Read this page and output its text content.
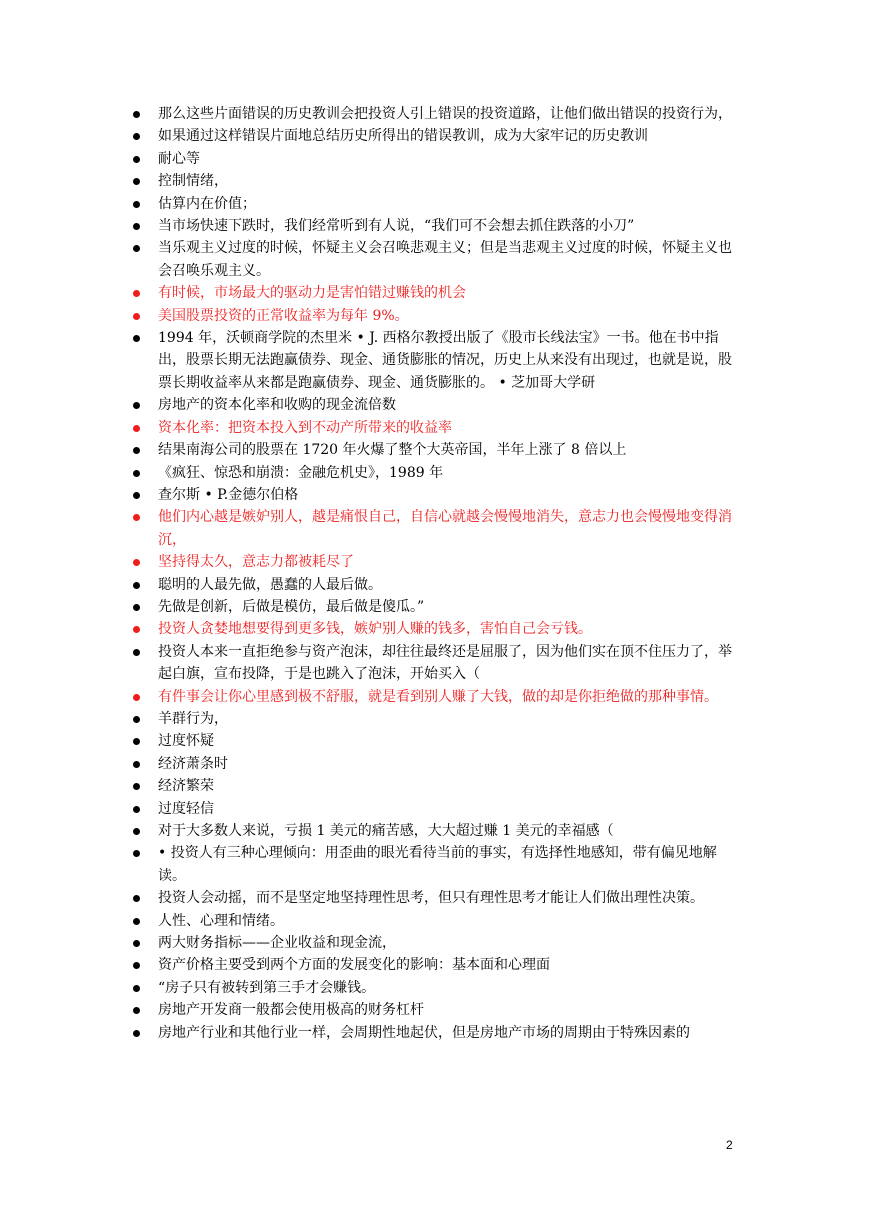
那么这些片面错误的历史教训会把投资人引上错误的投资道路，让他们做出错误的投资行为，
如果通过这样错误片面地总结历史所得出的错误教训，成为大家牢记的历史教训
耐心等
控制情绪，
估算内在价值；
当市场快速下跌时，我们经常听到有人说，“我们可不会想去抓住跌落的小刀”
当乐观主义过度的时候，怀疑主义会召唤悲观主义；但是当悲观主义过度的时候，怀疑主义也会召唤乐观主义。
有时候，市场最大的驱动力是害怕错过赚钱的机会
美国股票投资的正常收益率为每年 9%。
1994 年，沃顿商学院的杰里米 • J. 西格尔教授出版了《股市长线法宝》一书。他在书中指出，股票长期无法跑赢债券、现金、通货膨胀的情况，历史上从来没有出现过，也就是说，股票长期收益率从来都是跑赢债券、现金、通货膨胀的。 • 芝加哥大学研
房地产的资本化率和收购的现金流倍数
资本化率：把资本投入到不动产所带来的收益率
结果南海公司的股票在 1720 年火爆了整个大英帝国，半年上涨了 8 倍以上
《疯狂、惊恐和崩溃：金融危机史》，1989 年
查尔斯 • P.金德尔伯格
他们内心越是嫉妒别人，越是痛恨自己，自信心就越会慢慢地消失，意志力也会慢慢地变得消沉，
坚持得太久，意志力都被耗尽了
聪明的人最先做，愚蠢的人最后做。
先做是创新，后做是模仿，最后做是傻瓜。”
投资人贪婪地想要得到更多钱，嫉妒别人赚的钱多，害怕自己会亏钱。
投资人本来一直拒绝参与资产泡沫，却往往最终还是屈服了，因为他们实在顶不住压力了，举起白旗，宣布投降，于是也跳入了泡沫，开始买入（
有件事会让你心里感到极不舒服，就是看到别人赚了大钱，做的却是你拒绝做的那种事情。
羊群行为，
过度怀疑
经济萧条时
经济繁荣
过度轻信
对于大多数人来说，亏损 1 美元的痛苦感，大大超过赚 1 美元的幸福感（
• 投资人有三种心理倾向：用歪曲的眼光看待当前的事实，有选择性地感知，带有偏见地解读。
投资人会动摇，而不是坚定地坚持理性思考，但只有理性思考才能让人们做出理性决策。
人性、心理和情绪。
两大财务指标——企业收益和现金流，
资产价格主要受到两个方面的发展变化的影响：基本面和心理面
“房子只有被转到第三手才会赚钱。
房地产开发商一般都会使用极高的财务杠杆
房地产行业和其他行业一样，会周期性地起伏，但是房地产市场的周期由于特殊因素的
2
